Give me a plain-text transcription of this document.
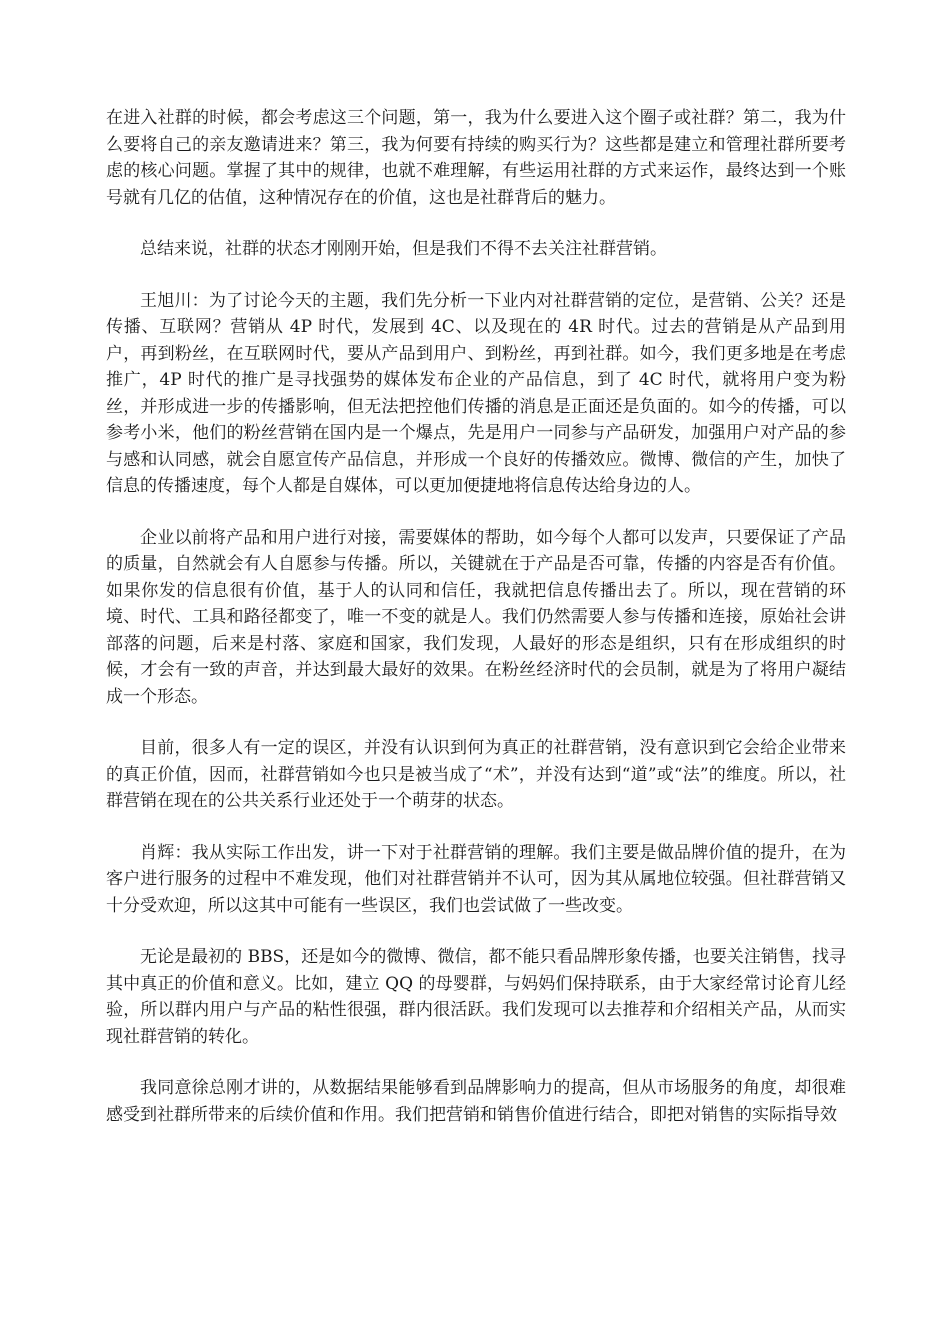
在进入社群的时候，都会考虑这三个问题，第一，我为什么要进入这个圈子或社群？第二，我为什么要将自己的亲友邀请进来？第三，我为何要有持续的购买行为？这些都是建立和管理社群所要考虑的核心问题。掌握了其中的规律，也就不难理解，有些运用社群的方式来运作，最终达到一个账号就有几亿的估值，这种情况存在的价值，这也是社群背后的魅力。

总结来说，社群的状态才刚刚开始，但是我们不得不去关注社群营销。

王旭川：为了讨论今天的主题，我们先分析一下业内对社群营销的定位，是营销、公关？还是传播、互联网？营销从 4P 时代，发展到 4C、以及现在的 4R 时代。过去的营销是从产品到用户，再到粉丝，在互联网时代，要从产品到用户、到粉丝，再到社群。如今，我们更多地是在考虑推广，4P 时代的推广是寻找强势的媒体发布企业的产品信息，到了 4C 时代，就将用户变为粉丝，并形成进一步的传播影响，但无法把控他们传播的消息是正面还是负面的。如今的传播，可以参考小米，他们的粉丝营销在国内是一个爆点，先是用户一同参与产品研发，加强用户对产品的参与感和认同感，就会自愿宣传产品信息，并形成一个良好的传播效应。微博、微信的产生，加快了信息的传播速度，每个人都是自媒体，可以更加便捷地将信息传达给身边的人。

企业以前将产品和用户进行对接，需要媒体的帮助，如今每个人都可以发声，只要保证了产品的质量，自然就会有人自愿参与传播。所以，关键就在于产品是否可靠，传播的内容是否有价值。如果你发的信息很有价值，基于人的认同和信任，我就把信息传播出去了。所以，现在营销的环境、时代、工具和路径都变了，唯一不变的就是人。我们仍然需要人参与传播和连接，原始社会讲部落的问题，后来是村落、家庭和国家，我们发现，人最好的形态是组织，只有在形成组织的时候，才会有一致的声音，并达到最大最好的效果。在粉丝经济时代的会员制，就是为了将用户凝结成一个形态。

目前，很多人有一定的误区，并没有认识到何为真正的社群营销，没有意识到它会给企业带来的真正价值，因而，社群营销如今也只是被当成了“术”，并没有达到“道”或“法”的维度。所以，社群营销在现在的公共关系行业还处于一个萌芽的状态。

肖辉：我从实际工作出发，讲一下对于社群营销的理解。我们主要是做品牌价值的提升，在为客户进行服务的过程中不难发现，他们对社群营销并不认可，因为其从属地位较强。但社群营销又十分受欢迎，所以这其中可能有一些误区，我们也尝试做了一些改变。

无论是最初的 BBS，还是如今的微博、微信，都不能只看品牌形象传播，也要关注销售，找寻其中真正的价值和意义。比如，建立 QQ 的母婴群，与妈妈们保持联系，由于大家经常讨论育儿经验，所以群内用户与产品的粘性很强，群内很活跃。我们发现可以去推荐和介绍相关产品，从而实现社群营销的转化。

我同意徐总刚才讲的，从数据结果能够看到品牌影响力的提高，但从市场服务的角度，却很难感受到社群所带来的后续价值和作用。我们把营销和销售价值进行结合，即把对销售的实际指导效
